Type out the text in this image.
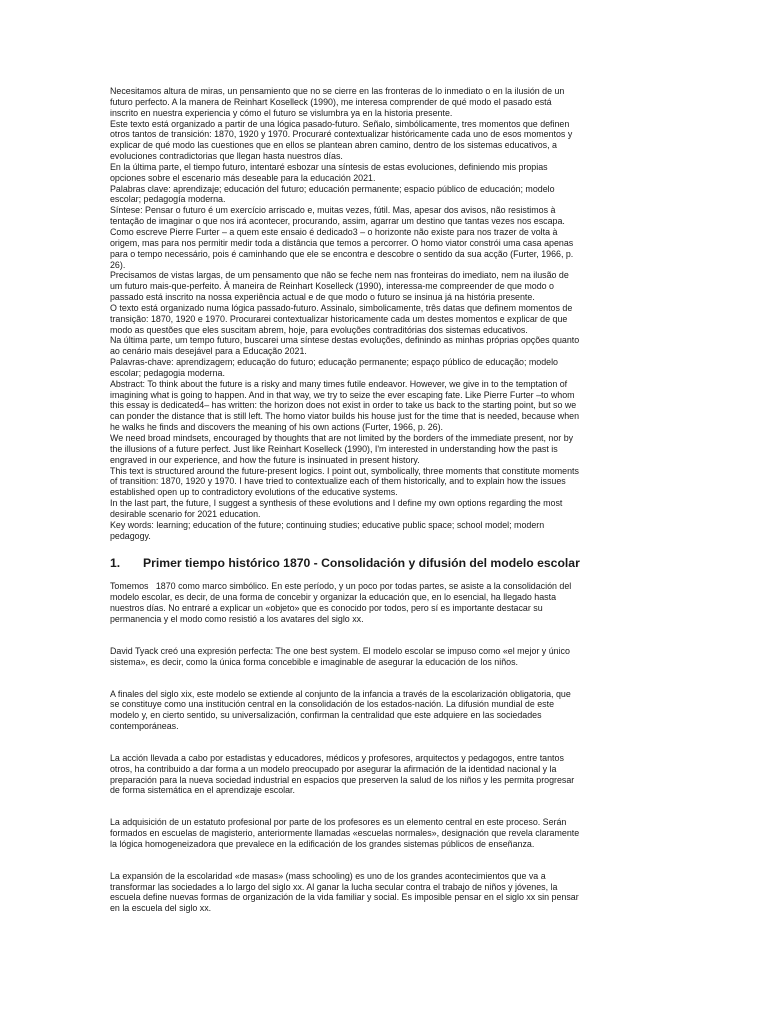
Necesitamos altura de miras, un pensamiento que no se cierre en las fronteras de lo inmediato o en la ilusión de un
futuro perfecto. A la manera de Reinhart Koselleck (1990), me interesa comprender de qué modo el pasado está
inscrito en nuestra experiencia y cómo el futuro se vislumbra ya en la historia presente.

Este texto está organizado a partir de una lógica pasado-futuro. Señalo, simbólicamente, tres momentos que definen
otros tantos de transición: 1870, 1920 y 1970. Procuraré contextualizar históricamente cada uno de esos momentos y
explicar de qué modo las cuestiones que en ellos se plantean abren camino, dentro de los sistemas educativos, a
evoluciones contradictorias que llegan hasta nuestros días.

En la última parte, el tiempo futuro, intentaré esbozar una síntesis de estas evoluciones, definiendo mis propias
opciones sobre el escenario más deseable para la educación 2021.

Palabras clave: aprendizaje; educación del futuro; educación permanente; espacio público de educación; modelo
escolar; pedagogía moderna.

Síntese: Pensar o futuro é um exercício arriscado e, muitas vezes, fútil. Mas, apesar dos avisos, não resistimos à
tentação de imaginar o que nos irá acontecer, procurando, assim, agarrar um destino que tantas vezes nos escapa.
Como escreve Pierre Furter – a quem este ensaio é dedicado3 – o horizonte não existe para nos trazer de volta à
origem, mas para nos permitir medir toda a distância que temos a percorrer. O homo viator constrói uma casa apenas
para o tempo necessário, pois é caminhando que ele se encontra e descobre o sentido da sua acção (Furter, 1966, p.
26).

Precisamos de vistas largas, de um pensamento que não se feche nem nas fronteiras do imediato, nem na ilusão de
um futuro mais-que-perfeito. À maneira de Reinhart Koselleck (1990), interessa-me compreender de que modo o
passado está inscrito na nossa experiência actual e de que modo o futuro se insinua já na história presente.

O texto está organizado numa lógica passado-futuro. Assinalo, simbolicamente, três datas que definem momentos de
transição: 1870, 1920 e 1970. Procurarei contextualizar historicamente cada um destes momentos e explicar de que
modo as questões que eles suscitam abrem, hoje, para evoluções contraditórias dos sistemas educativos.

Na última parte, um tempo futuro, buscarei uma síntese destas evoluções, definindo as minhas próprias opções quanto
ao cenário mais desejável para a Educação 2021.

Palavras-chave: aprendizagem; educação do futuro; educação permanente; espaço público de educação; modelo
escolar; pedagogia moderna.

Abstract: To think about the future is a risky and many times futile endeavor. However, we give in to the temptation of
imagining what is going to happen. And in that way, we try to seize the ever escaping fate. Like Pierre Furter –to whom
this essay is dedicated4– has written: the horizon does not exist in order to take us back to the starting point, but so we
can ponder the distance that is still left. The homo viator builds his house just for the time that is needed, because when
he walks he finds and discovers the meaning of his own actions (Furter, 1966, p. 26).

We need broad mindsets, encouraged by thoughts that are not limited by the borders of the immediate present, nor by
the illusions of a future perfect. Just like Reinhart Koselleck (1990), I'm interested in understanding how the past is
engraved in our experience, and how the future is insinuated in present history.

This text is structured around the future-present logics. I point out, symbolically, three moments that constitute moments
of transition: 1870, 1920 y 1970. I have tried to contextualize each of them historically, and to explain how the issues
established open up to contradictory evolutions of the educative systems.

In the last part, the future, I suggest a synthesis of these evolutions and I define my own options regarding the most
desirable scenario for 2021 education.

Key words: learning; education of the future; continuing studies; educative public space; school model; modern
pedagogy.

1.	Primer tiempo histórico 1870 - Consolidación y difusión del modelo escolar

Tomemos   1870 como marco simbólico. En este período, y un poco por todas partes, se asiste a la consolidación del
modelo escolar, es decir, de una forma de concebir y organizar la educación que, en lo esencial, ha llegado hasta
nuestros días. No entraré a explicar un «objeto» que es conocido por todos, pero sí es importante destacar su
permanencia y el modo como resistió a los avatares del siglo xx.

David Tyack creó una expresión perfecta: The one best system. El modelo escolar se impuso como «el mejor y único
sistema», es decir, como la única forma concebible e imaginable de asegurar la educación de los niños.

A finales del siglo xix, este modelo se extiende al conjunto de la infancia a través de la escolarización obligatoria, que
se constituye como una institución central en la consolidación de los estados-nación. La difusión mundial de este
modelo y, en cierto sentido, su universalización, confirman la centralidad que este adquiere en las sociedades
contemporáneas.

La acción llevada a cabo por estadistas y educadores, médicos y profesores, arquitectos y pedagogos, entre tantos
otros, ha contribuido a dar forma a un modelo preocupado por asegurar la afirmación de la identidad nacional y la
preparación para la nueva sociedad industrial en espacios que preserven la salud de los niños y les permita progresar
de forma sistemática en el aprendizaje escolar.

La adquisición de un estatuto profesional por parte de los profesores es un elemento central en este proceso. Serán
formados en escuelas de magisterio, anteriormente llamadas «escuelas normales», designación que revela claramente
la lógica homogeneizadora que prevalece en la edificación de los grandes sistemas públicos de enseñanza.

La expansión de la escolaridad «de masas» (mass schooling) es uno de los grandes acontecimientos que va a
transformar las sociedades a lo largo del siglo xx. Al ganar la lucha secular contra el trabajo de niños y jóvenes, la
escuela define nuevas formas de organización de la vida familiar y social. Es imposible pensar en el siglo xx sin pensar
en la escuela del siglo xx.
